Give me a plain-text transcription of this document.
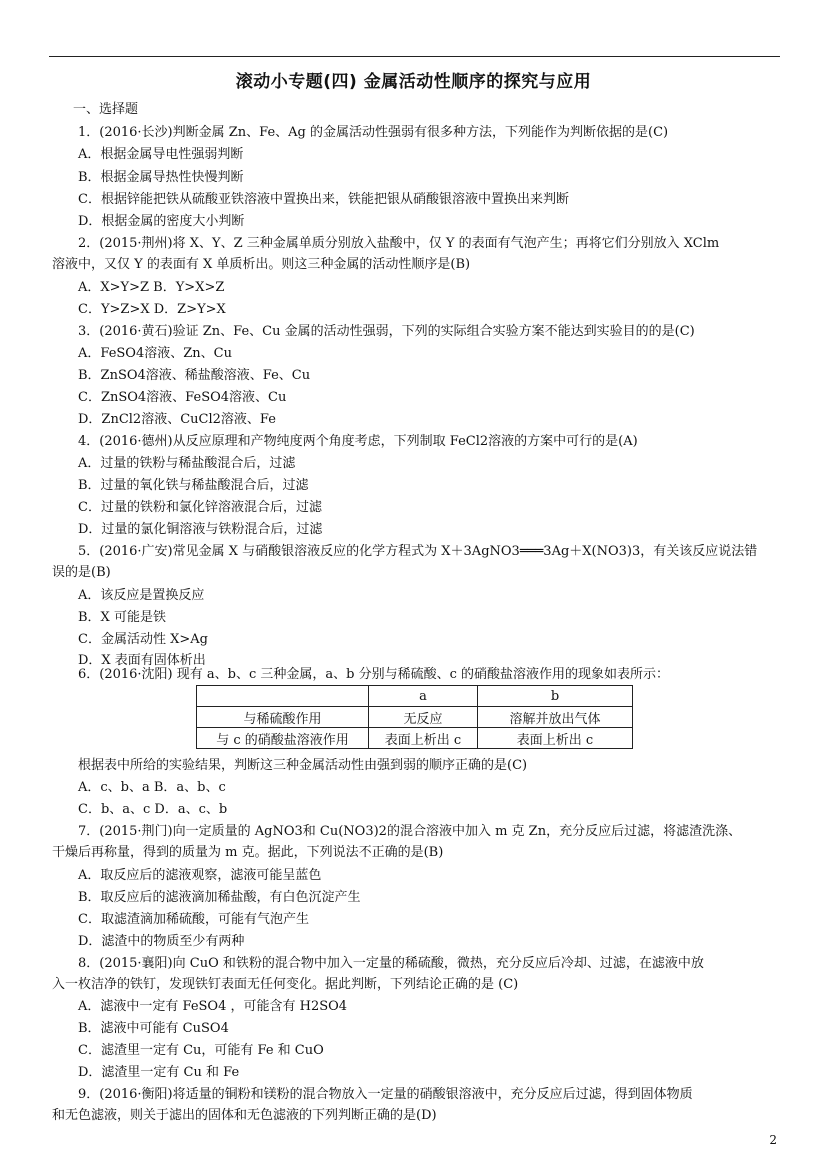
滚动小专题(四) 金属活动性顺序的探究与应用
一、选择题
1．(2016·长沙)判断金属 Zn、Fe、Ag 的金属活动性强弱有很多种方法，下列能作为判断依据的是(C)
A．根据金属导电性强弱判断
B．根据金属导热性快慢判断
C．根据锌能把铁从硫酸亚铁溶液中置换出来，铁能把银从硝酸银溶液中置换出来判断
D．根据金属的密度大小判断
2．(2015·荆州)将 X、Y、Z 三种金属单质分别放入盐酸中，仅 Y 的表面有气泡产生；再将它们分别放入 XClm
溶液中，又仅 Y 的表面有 X 单质析出。则这三种金属的活动性顺序是(B)
A．X>Y>Z B．Y>X>Z
C．Y>Z>X D．Z>Y>X
3．(2016·黄石)验证 Zn、Fe、Cu 金属的活动性强弱，下列的实际组合实验方案不能达到实验目的的是(C)
A．FeSO4溶液、Zn、Cu
B．ZnSO4溶液、稀盐酸溶液、Fe、Cu
C．ZnSO4溶液、FeSO4溶液、Cu
D．ZnCl2溶液、CuCl2溶液、Fe
4．(2016·德州)从反应原理和产物纯度两个角度考虑，下列制取 FeCl2溶液的方案中可行的是(A)
A．过量的铁粉与稀盐酸混合后，过滤
B．过量的氧化铁与稀盐酸混合后，过滤
C．过量的铁粉和氯化锌溶液混合后，过滤
D．过量的氯化铜溶液与铁粉混合后，过滤
5．(2016·广安)常见金属 X 与硝酸银溶液反应的化学方程式为 X＋3AgNO3═══3Ag＋X(NO3)3，有关该反应说法错
误的是(B)
A．该反应是置换反应
B．X 可能是铁
C．金属活动性 X>Ag
D．X 表面有固体析出
6．(2016·沈阳) 现有 a、b、c 三种金属，a、b 分别与稀硫酸、c 的硝酸盐溶液作用的现象如表所示：
	a	b
与稀硫酸作用	无反应	溶解并放出气体
与 c 的硝酸盐溶液作用	表面上析出 c	表面上析出 c
根据表中所给的实验结果，判断这三种金属活动性由强到弱的顺序正确的是(C)
A．c、b、a B．a、b、c
C．b、a、c D．a、c、b
7．(2015·荆门)向一定质量的 AgNO3和 Cu(NO3)2的混合溶液中加入 m 克 Zn，充分反应后过滤，将滤渣洗涤、
干燥后再称量，得到的质量为 m 克。据此，下列说法不正确的是(B)
A．取反应后的滤液观察，滤液可能呈蓝色
B．取反应后的滤液滴加稀盐酸，有白色沉淀产生
C．取滤渣滴加稀硫酸，可能有气泡产生
D．滤渣中的物质至少有两种
8．(2015·襄阳)向 CuO 和铁粉的混合物中加入一定量的稀硫酸，微热，充分反应后冷却、过滤，在滤液中放
入一枚洁净的铁钉，发现铁钉表面无任何变化。据此判断，下列结论正确的是 (C)
A．滤液中一定有 FeSO4 ，可能含有 H2SO4
B．滤液中可能有 CuSO4
C．滤渣里一定有 Cu，可能有 Fe 和 CuO
D．滤渣里一定有 Cu 和 Fe
9．(2016·衡阳)将适量的铜粉和镁粉的混合物放入一定量的硝酸银溶液中，充分反应后过滤，得到固体物质
和无色滤液，则关于滤出的固体和无色滤液的下列判断正确的是(D)
2
